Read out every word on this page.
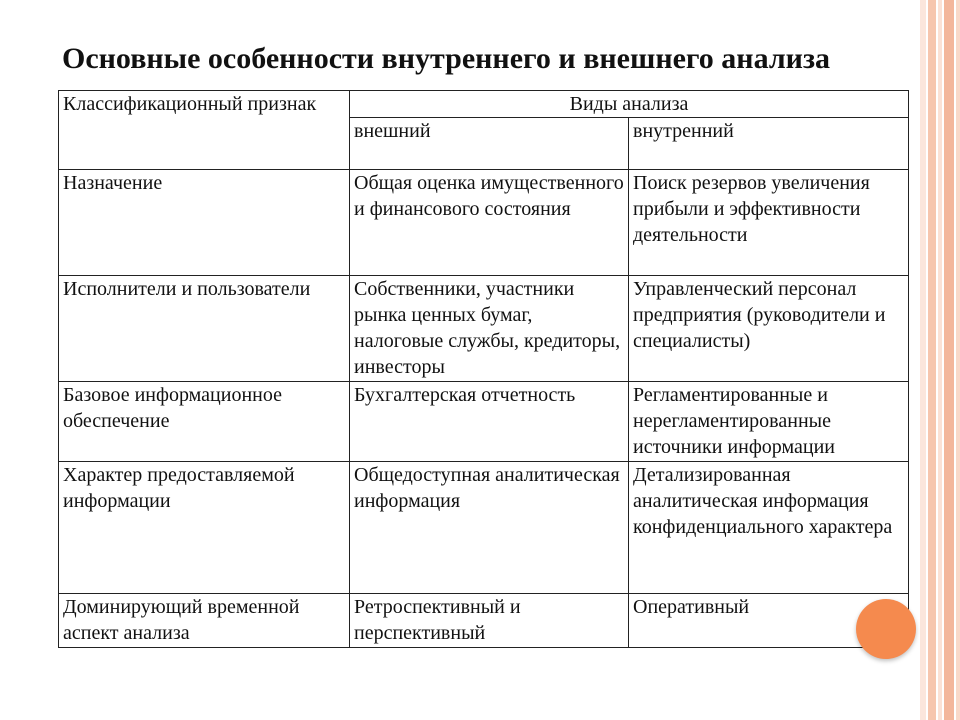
Основные особенности внутреннего и внешнего анализа
Классификационный признак	Виды анализа	
	внешний	внутренний
Назначение	Общая оценка имущественного и финансового состояния	Поиск резервов увеличения прибыли и эффективности деятельности
Исполнители и пользователи	Собственники, участники рынка ценных бумаг, налоговые службы, кредиторы, инвесторы	Управленческий персонал предприятия (руководители и специалисты)
Базовое информационное обеспечение	Бухгалтерская отчетность	Регламентированные и нерегламентированные источники информации
Характер предоставляемой информации	Общедоступная аналитическая информация	Детализированная аналитическая информация конфиденциального характера
Доминирующий временной аспект анализа	Ретроспективный и перспективный	Оперативный
